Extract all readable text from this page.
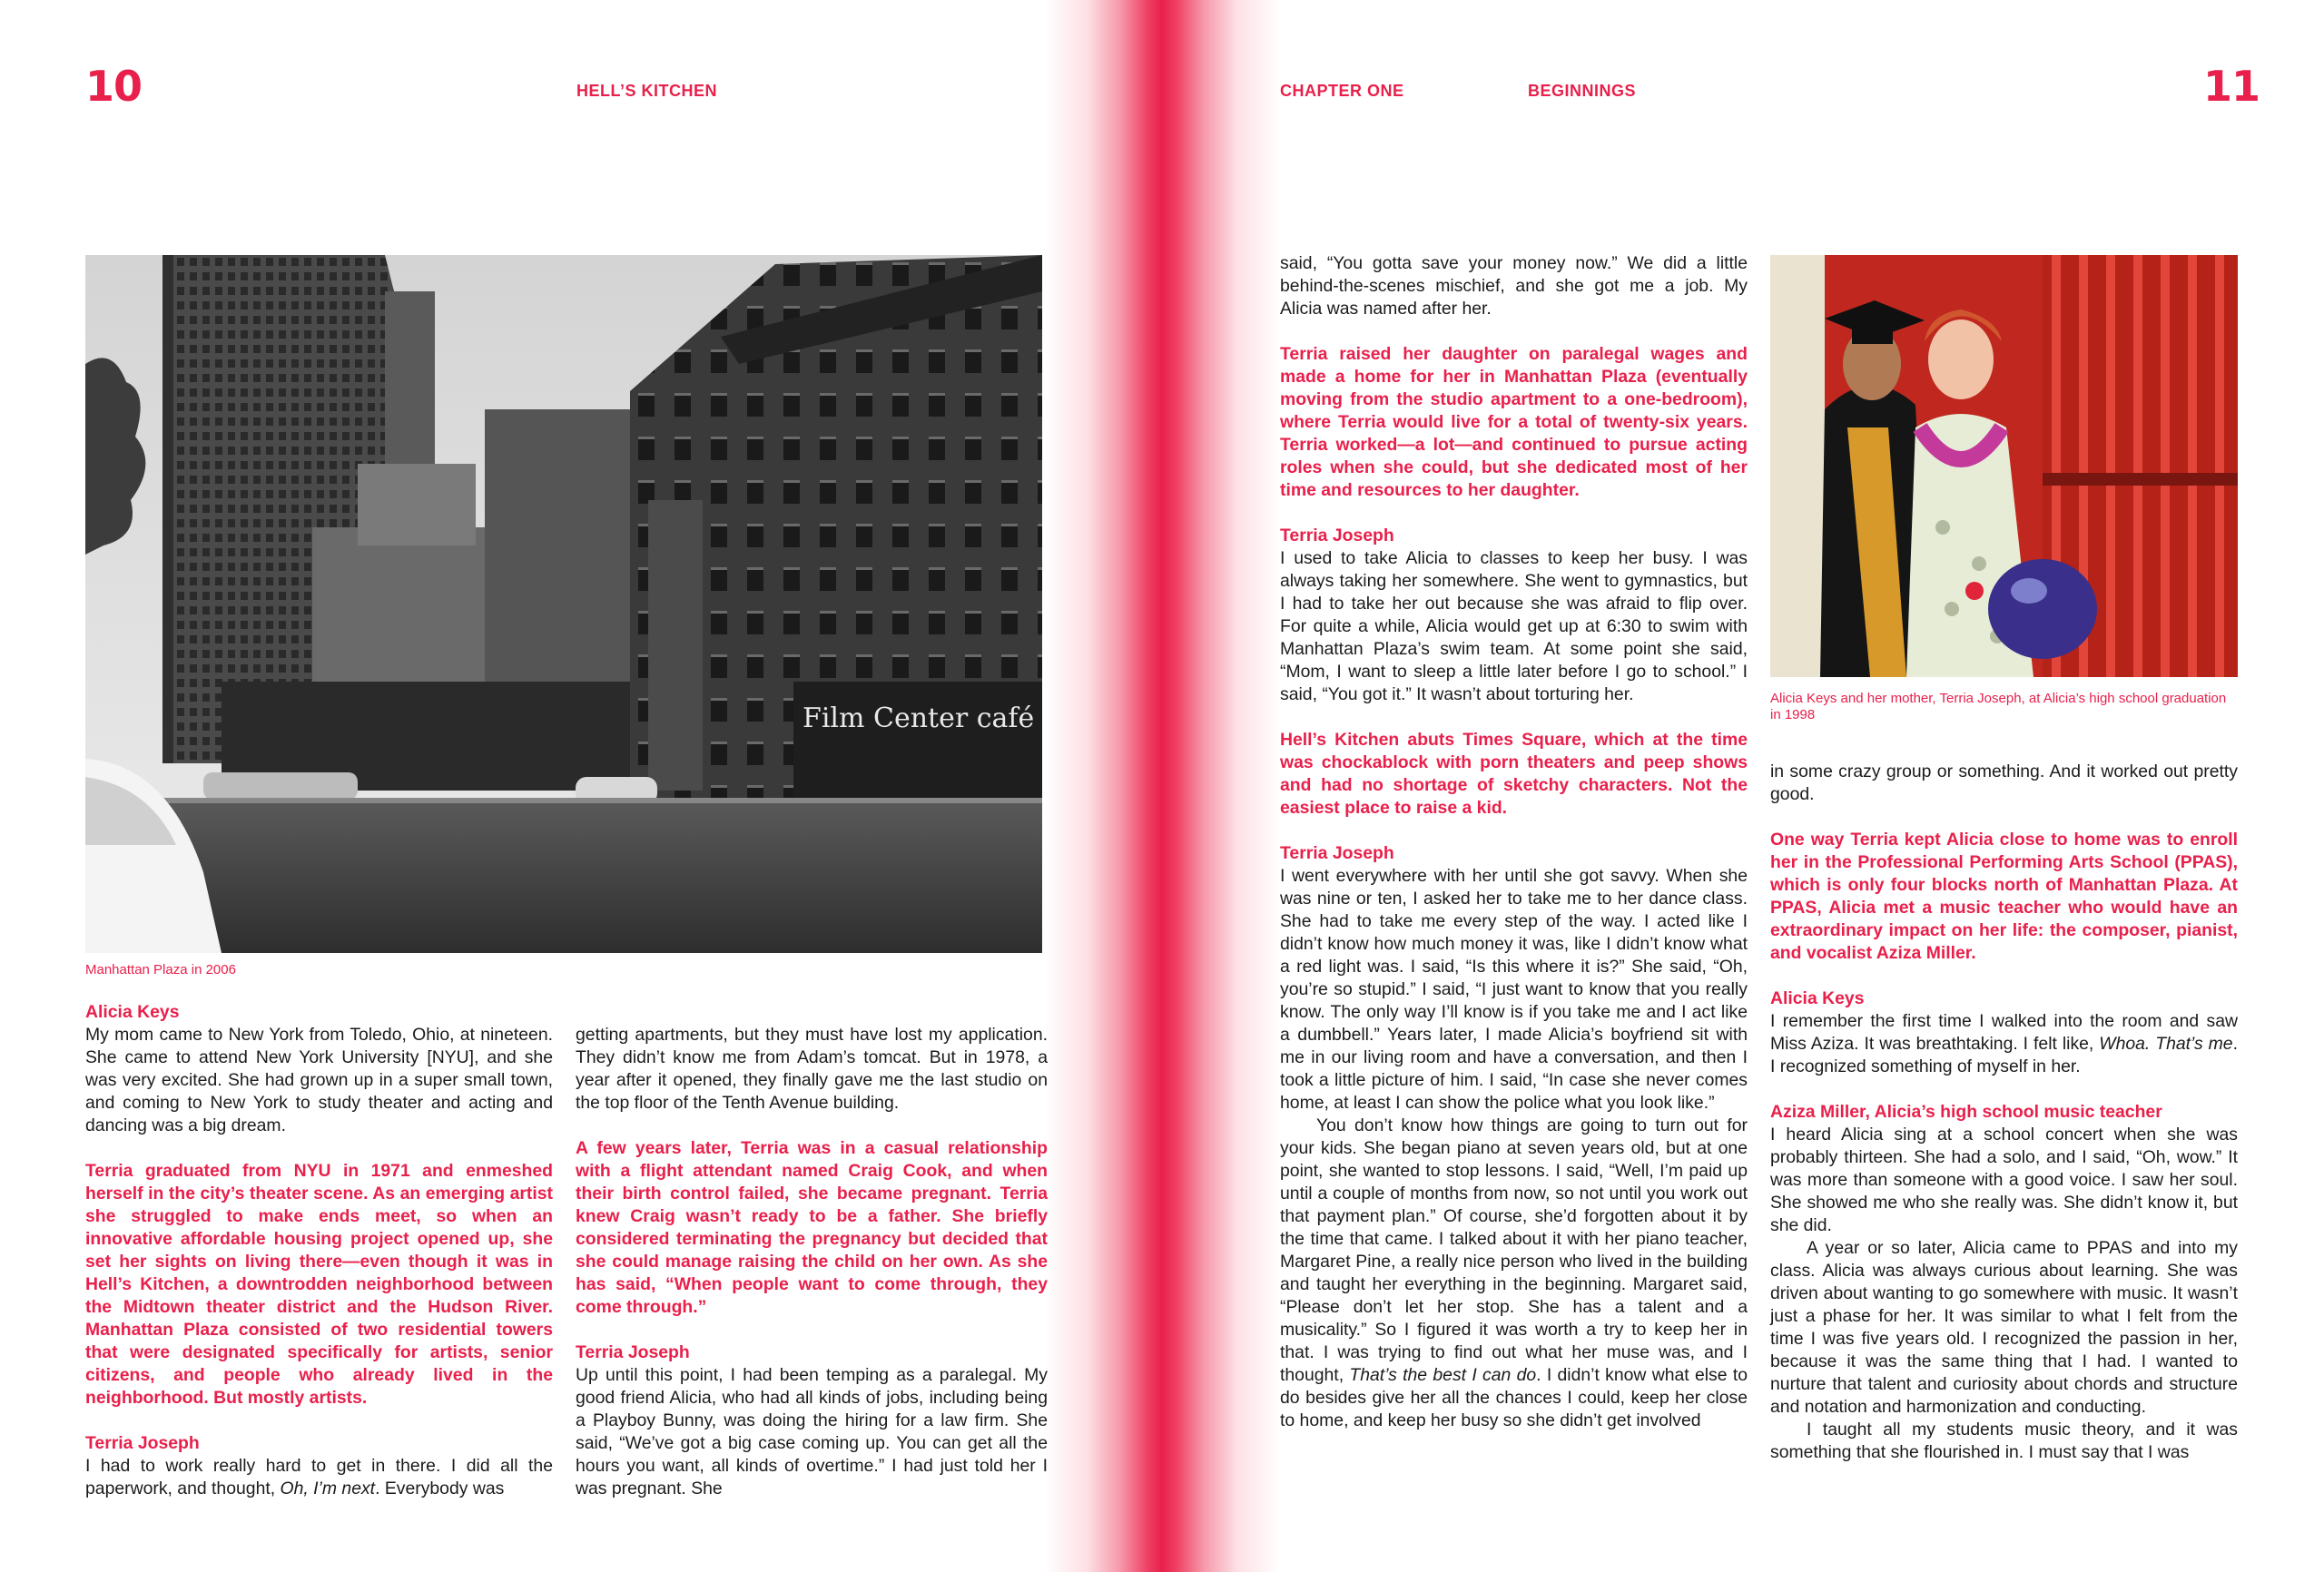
10	HELL’S KITCHEN
Film Center café
Manhattan Plaza in 2006

Alicia Keys

My mom came to New York from Toledo, Ohio, at nineteen. She came to attend New York University [NYU], and she was very excited. She had grown up in a super small town, and coming to New York to study theater and acting and dancing was a big dream.

Terria graduated from NYU in 1971 and enmeshed herself in the city’s theater scene. As an emerging artist she struggled to make ends meet, so when an innovative affordable housing project opened up, she set her sights on living there—even though it was in Hell’s Kitchen, a downtrodden neighborhood between the Midtown theater district and the Hudson River. Manhattan Plaza consisted of two residential towers that were designated specifically for artists, senior citizens, and people who already lived in the neighborhood. But mostly artists.

Terria Joseph

I had to work really hard to get in there. I did all the paperwork, and thought, Oh, I’m next. Everybody was

getting apartments, but they must have lost my application. They didn’t know me from Adam’s tomcat. But in 1978, a year after it opened, they finally gave me the last studio on the top floor of the Tenth Avenue building.

A few years later, Terria was in a casual relationship with a flight attendant named Craig Cook, and when their birth control failed, she became pregnant. Terria knew Craig wasn’t ready to be a father. She briefly considered terminating the pregnancy but decided that she could manage raising the child on her own. As she has said, “When people want to come through, they come through.”

Terria Joseph

Up until this point, I had been temping as a paralegal. My good friend Alicia, who had all kinds of jobs, including being a Playboy Bunny, was doing the hiring for a law firm. She said, “We’ve got a big case coming up. You can get all the hours you want, all kinds of overtime.” I had just told her I was pregnant. She

CHAPTER ONE	BEGINNINGS	11

said, “You gotta save your money now.” We did a little behind-the-scenes mischief, and she got me a job. My Alicia was named after her.

Terria raised her daughter on paralegal wages and made a home for her in Manhattan Plaza (eventually moving from the studio apartment to a one-bedroom), where Terria would live for a total of twenty-six years. Terria worked—a lot—and continued to pursue acting roles when she could, but she dedicated most of her time and resources to her daughter.

Terria Joseph

I used to take Alicia to classes to keep her busy. I was always taking her somewhere. She went to gymnastics, but I had to take her out because she was afraid to flip over. For quite a while, Alicia would get up at 6:30 to swim with Manhattan Plaza’s swim team. At some point she said, “Mom, I want to sleep a little later before I go to school.” I said, “You got it.” It wasn’t about torturing her.

Hell’s Kitchen abuts Times Square, which at the time was chockablock with porn theaters and peep shows and had no shortage of sketchy characters. Not the easiest place to raise a kid.

Terria Joseph

I went everywhere with her until she got savvy. When she was nine or ten, I asked her to take me to her dance class. She had to take me every step of the way. I acted like I didn’t know how much money it was, like I didn’t know what a red light was. I said, “Is this where it is?” She said, “Oh, you’re so stupid.” I said, “I just want to know that you really know. The only way I’ll know is if you take me and I act like a dumbbell.” Years later, I made Alicia’s boyfriend sit with me in our living room and have a conversation, and then I took a little picture of him. I said, “In case she never comes home, at least I can show the police what you look like.”

You don’t know how things are going to turn out for your kids. She began piano at seven years old, but at one point, she wanted to stop lessons. I said, “Well, I’m paid up until a couple of months from now, so not until you work out that payment plan.” Of course, she’d forgotten about it by the time that came. I talked about it with her piano teacher, Margaret Pine, a really nice person who lived in the building and taught her everything in the beginning. Margaret said, “Please don’t let her stop. She has a talent and a musicality.” So I figured it was worth a try to keep her in that. I was trying to find out what her muse was, and I thought, That’s the best I can do. I didn’t know what else to do besides give her all the chances I could, keep her close to home, and keep her busy so she didn’t get involved

Alicia Keys and her mother, Terria Joseph, at Alicia’s high school graduation in 1998

in some crazy group or something. And it worked out pretty good.

One way Terria kept Alicia close to home was to enroll her in the Professional Performing Arts School (PPAS), which is only four blocks north of Manhattan Plaza. At PPAS, Alicia met a music teacher who would have an extraordinary impact on her life: the composer, pianist, and vocalist Aziza Miller.

Alicia Keys

I remember the first time I walked into the room and saw Miss Aziza. It was breathtaking. I felt like, Whoa. That’s me. I recognized something of myself in her.

Aziza Miller, Alicia’s high school music teacher

I heard Alicia sing at a school concert when she was probably thirteen. She had a solo, and I said, “Oh, wow.” It was more than someone with a good voice. I saw her soul. She showed me who she really was. She didn’t know it, but she did.

A year or so later, Alicia came to PPAS and into my class. Alicia was always curious about learning. She was driven about wanting to go somewhere with music. It wasn’t just a phase for her. It was similar to what I felt from the time I was five years old. I recognized the passion in her, because it was the same thing that I had. I wanted to nurture that talent and curiosity about chords and structure and notation and harmonization and conducting.

I taught all my students music theory, and it was something that she flourished in. I must say that I was
